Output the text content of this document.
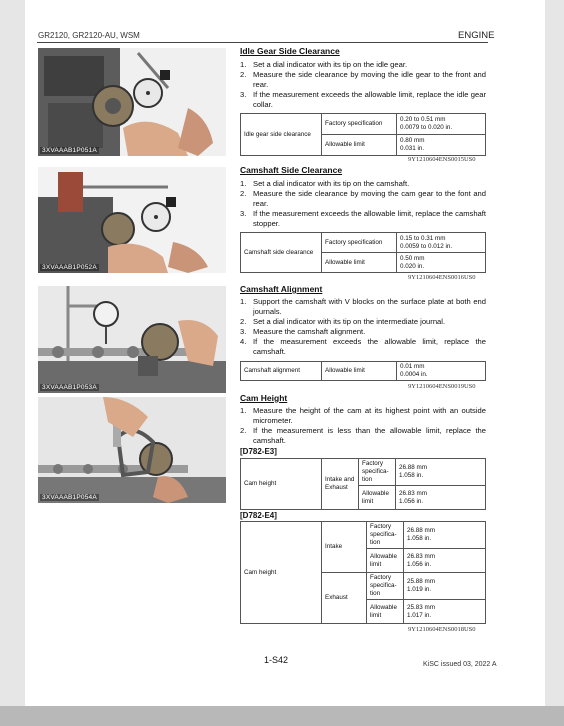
GR2120, GR2120-AU, WSM	ENGINE
3XVAAAB1P051A
3XVAAAB1P052A
3XVAAAB1P053A
3XVAAAB1P054A
Idle Gear Side Clearance
1. Set a dial indicator with its tip on the idle gear.
2. Measure the side clearance by moving the idle gear to the front and rear.
3. If the measurement exceeds the allowable limit, replace the idle gear collar.
Idle gear side clearance	Factory specification	0.20 to 0.51 mm
0.0079 to 0.020 in.

	Allowable limit	0.80 mm
0.031 in.
9Y1210604ENS0015US0
Camshaft Side Clearance
1. Set a dial indicator with its tip on the camshaft.
2. Measure the side clearance by moving the cam gear to the font and rear.
3. If the measurement exceeds the allowable limit, replace the camshaft stopper.
Camshaft side clearance	Factory specification	0.15 to 0.31 mm
0.0059 to 0.012 in.

	Allowable limit	0.50 mm
0.020 in.
9Y1210604ENS0016US0
Camshaft Alignment
1. Support the camshaft with V blocks on the surface plate at both end journals.
2. Set a dial indicator with its tip on the intermediate journal.
3. Measure the camshaft alignment.
4. If the measurement exceeds the allowable limit, replace the camshaft.
Camshaft alignment	Allowable limit	
0.01 mm
0.0004 in.
9Y1210604ENS0019US0
Cam Height
1. Measure the height of the cam at its highest point with an outside micrometer.
2. If the measurement is less than the allowable limit, replace the camshaft.
[D782-E3]
Cam height	Intake and Exhaust	Factory specifica-tion	26.88 mm
1.058 in.

		Allowable limit	26.83 mm
1.056 in.
[D782-E4]
Cam height	Intake	Factory specifica-tion	26.88 mm
1.058 in.

		Allowable limit	26.83 mm
1.056 in.

	Exhaust	Factory specifica-tion	25.88 mm
1.019 in.

		Allowable limit	25.83 mm
1.017 in.
9Y1210604ENS0018US0
1-S42	KiSC issued 03, 2022 A
